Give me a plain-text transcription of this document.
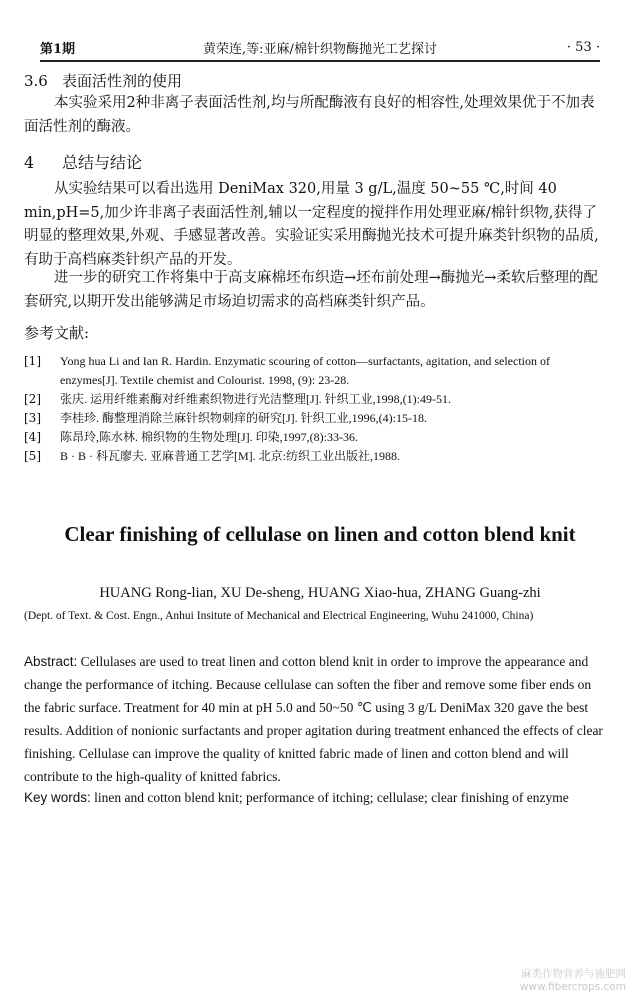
第1期	黄荣连,等:亚麻/棉针织物酶抛光工艺探讨	· 53 ·
3.6 表面活性剂的使用

本实验采用2种非离子表面活性剂,均与所配酶液有良好的相容性,处理效果优于不加表面活性剂的酶液。

4 总结与结论

从实验结果可以看出选用 DeniMax 320,用量 3 g/L,温度 50~55 ℃,时间 40 min,pH=5,加少许非离子表面活性剂,辅以一定程度的搅拌作用处理亚麻/棉针织物,获得了明显的整理效果,外观、手感显著改善。实验证实采用酶抛光技术可提升麻类针织物的品质,有助于高档麻类针织产品的开发。

进一步的研究工作将集中于高支麻棉坯布织造→坯布前处理→酶抛光→柔软后整理的配套研究,以期开发出能够满足市场迫切需求的高档麻类针织产品。

参考文献:
[1] Yong hua Li and Ian R. Hardin. Enzymatic scouring of cotton—surfactants, agitation, and selection of enzymes[J]. Textile chemist and Colourist. 1998, (9): 23-28.
[2] 张庆. 运用纤维素酶对纤维素织物进行光洁整理[J]. 针织工业,1998,(1):49-51.
[3] 李桂珍. 酶整理消除兰麻针织物刺痒的研究[J]. 针织工业,1996,(4):15-18.
[4] 陈昂玲,陈水林. 棉织物的生物处理[J]. 印染,1997,(8):33-36.
[5] B · B · 科瓦廖夫. 亚麻普通工艺学[M]. 北京:纺织工业出版社,1988.
Clear finishing of cellulase on linen and cotton blend knit
HUANG Rong-lian, XU De-sheng, HUANG Xiao-hua, ZHANG Guang-zhi
(Dept. of Text. & Cost. Engn., Anhui Insitute of Mechanical and Electrical Engineering, Wuhu 241000, China)

Abstract: Cellulases are used to treat linen and cotton blend knit in order to improve the appearance and change the performance of itching. Because cellulase can soften the fiber and remove some fiber ends on the fabric surface. Treatment for 40 min at pH 5.0 and 50~50 ℃ using 3 g/L DeniMax 320 gave the best results. Addition of nonionic surfactants and proper agitation during treatment enhanced the effects of clear finishing. Cellulase can improve the quality of knitted fabric made of linen and cotton blend and will contribute to the high-quality of knitted fabrics.

Key words: linen and cotton blend knit; performance of itching; cellulase; clear finishing of enzyme

麻类作物营养与施肥网
www.fibercrops.com
